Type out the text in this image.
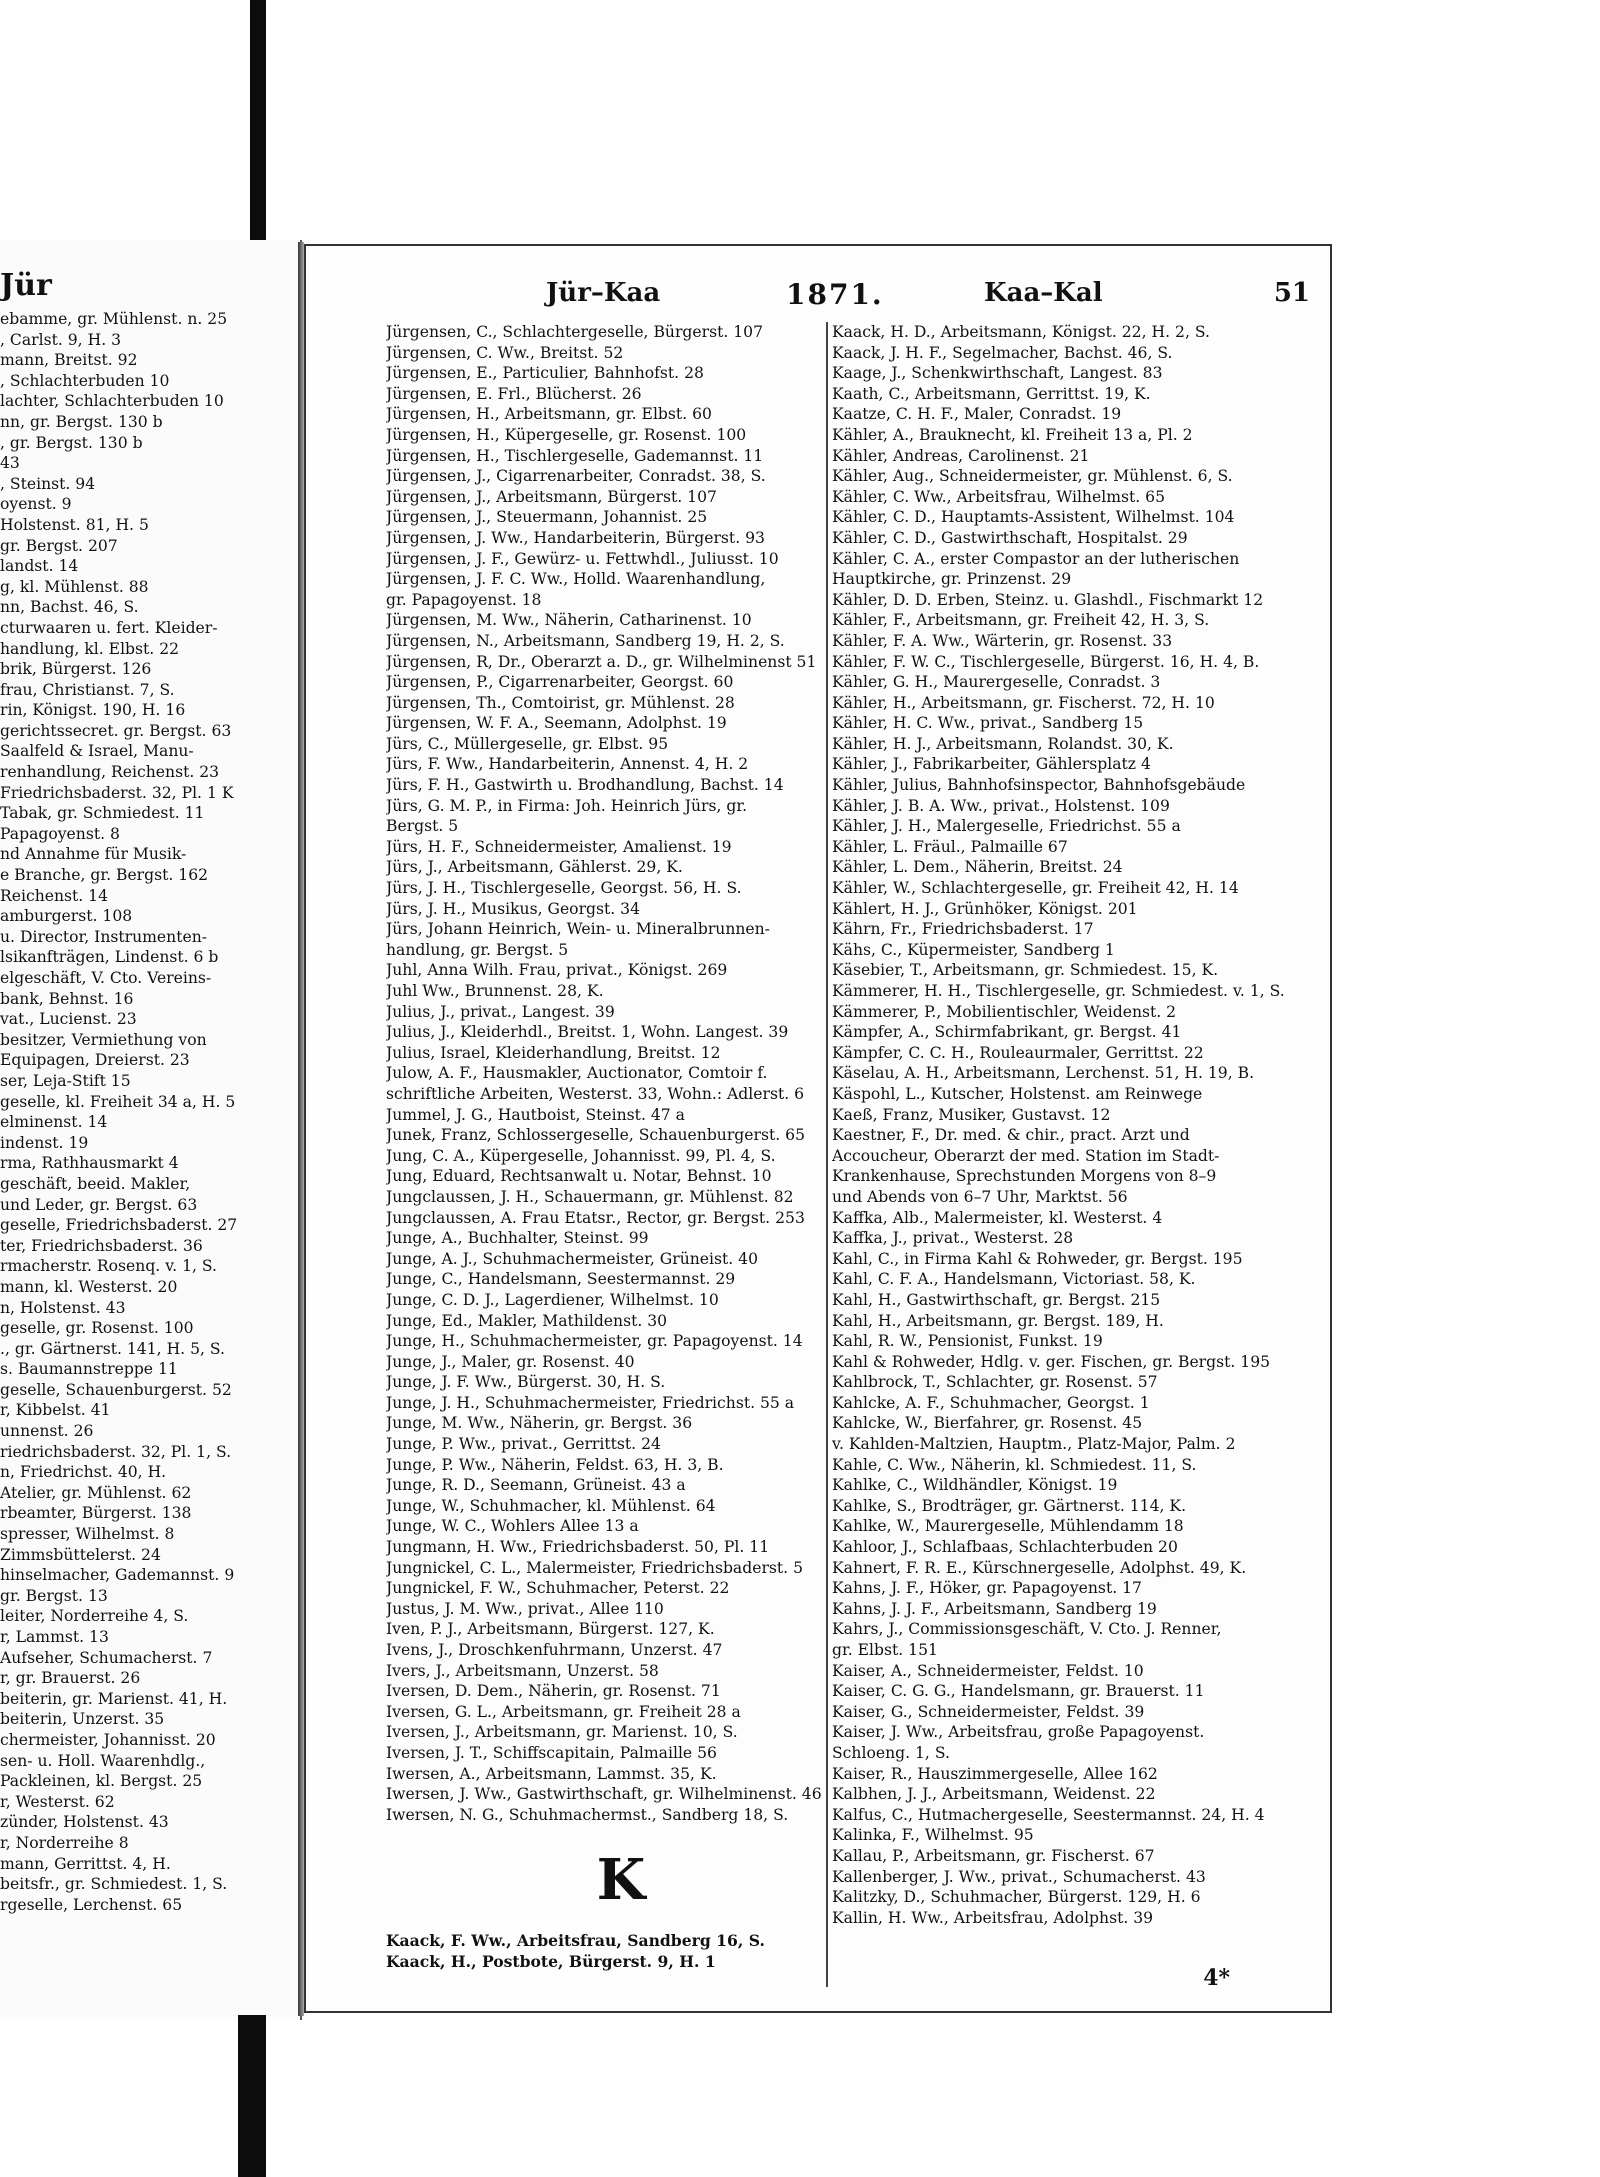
Jür
ebamme, gr. Mühlenst. n. 25
, Carlst. 9, H. 3
mann, Breitst. 92
, Schlachterbuden 10
lachter, Schlachterbuden 10
nn, gr. Bergst. 130 b
, gr. Bergst. 130 b
43
, Steinst. 94
oyenst. 9
Holstenst. 81, H. 5
gr. Bergst. 207
landst. 14
g, kl. Mühlenst. 88
nn, Bachst. 46, S.
cturwaaren u. fert. Kleider-
handlung, kl. Elbst. 22
brik, Bürgerst. 126
frau, Christianst. 7, S.
rin, Königst. 190, H. 16
gerichtssecret. gr. Bergst. 63
Saalfeld & Israel, Manu-
renhandlung, Reichenst. 23
Friedrichsbaderst. 32, Pl. 1 K
Tabak, gr. Schmiedest. 11
Papagoyenst. 8
nd Annahme für Musik-
e Branche, gr. Bergst. 162
Reichenst. 14
amburgerst. 108
u. Director, Instrumenten-
lsikanfträgen, Lindenst. 6 b
elgeschäft, V. Cto. Vereins-
bank, Behnst. 16
vat., Lucienst. 23
besitzer, Vermiethung von
Equipagen, Dreierst. 23
ser, Leja-Stift 15
gesellе, kl. Freiheit 34 a, H. 5
elminenst. 14
indenst. 19
rma, Rathhausmarkt 4
geschäft, beeid. Makler,
und Leder, gr. Bergst. 63
geselle, Friedrichsbaderst. 27
ter, Friedrichsbaderst. 36
rmacherstr. Rosenq. v. 1, S.
mann, kl. Westerst. 20
n, Holstenst. 43
geselle, gr. Rosenst. 100
., gr. Gärtnerst. 141, H. 5, S.
s. Baumannstreppe 11
gesellе, Schauenburgerst. 52
r, Kibbelst. 41
unnenst. 26
riedrichsbaderst. 32, Pl. 1, S.
n, Friedrichst. 40, H.
Atelier, gr. Mühlenst. 62
rbeamter, Bürgerst. 138
spresser, Wilhelmst. 8
Zimmsbüttelerst. 24
hinselmacher, Gademannst. 9
gr. Bergst. 13
leiter, Norderreihe 4, S.
r, Lammst. 13
Aufseher, Schumacherst. 7
r, gr. Brauerst. 26
beiterin, gr. Marienst. 41, H.
beiterin, Unzerst. 35
chermeister, Johannisst. 20
sen- u. Holl. Waarenhdlg.,
Packleinen, kl. Bergst. 25
r, Westerst. 62
zünder, Holstenst. 43
r, Norderreihe 8
mann, Gerrittst. 4, H.
beitsfr., gr. Schmiedest. 1, S.
rgesellе, Lerchenst. 65
Jür–Kaa	1871.	Kaa–Kal	51
Jürgensen, C., Schlachtergeselle, Bürgerst. 107
Jürgensen, C. Ww., Breitst. 52
Jürgensen, E., Particulier, Bahnhofst. 28
Jürgensen, E. Frl., Blücherst. 26
Jürgensen, H., Arbeitsmann, gr. Elbst. 60
Jürgensen, H., Küpergeselle, gr. Rosenst. 100
Jürgensen, H., Tischlergeselle, Gademannst. 11
Jürgensen, J., Cigarrenarbeiter, Conradst. 38, S.
Jürgensen, J., Arbeitsmann, Bürgerst. 107
Jürgensen, J., Steuermann, Johannist. 25
Jürgensen, J. Ww., Handarbeiterin, Bürgerst. 93
Jürgensen, J. F., Gewürz- u. Fettwhdl., Juliusst. 10
Jürgensen, J. F. C. Ww., Holld. Waarenhandlung,
gr. Papagoyenst. 18
Jürgensen, M. Ww., Näherin, Catharinenst. 10
Jürgensen, N., Arbeitsmann, Sandberg 19, H. 2, S.
Jürgensen, R, Dr., Oberarzt a. D., gr. Wilhelminenst 51
Jürgensen, P., Cigarrenarbeiter, Georgst. 60
Jürgensen, Th., Comtoirist, gr. Mühlenst. 28
Jürgensen, W. F. A., Seemann, Adolphst. 19
Jürs, C., Müllergeselle, gr. Elbst. 95
Jürs, F. Ww., Handarbeiterin, Annenst. 4, H. 2
Jürs, F. H., Gastwirth u. Brodhandlung, Bachst. 14
Jürs, G. M. P., in Firma: Joh. Heinrich Jürs, gr.
Bergst. 5
Jürs, H. F., Schneidermeister, Amalienst. 19
Jürs, J., Arbeitsmann, Gählerst. 29, K.
Jürs, J. H., Tischlergeselle, Georgst. 56, H. S.
Jürs, J. H., Musikus, Georgst. 34
Jürs, Johann Heinrich, Wein- u. Mineralbrunnen-
handlung, gr. Bergst. 5
Juhl, Anna Wilh. Frau, privat., Königst. 269
Juhl Ww., Brunnenst. 28, K.
Julius, J., privat., Langest. 39
Julius, J., Kleiderhdl., Breitst. 1, Wohn. Langest. 39
Julius, Israel, Kleiderhandlung, Breitst. 12
Julow, A. F., Hausmakler, Auctionator, Comtoir f.
schriftliche Arbeiten, Westerst. 33, Wohn.: Adlerst. 6
Jummel, J. G., Hautboist, Steinst. 47 a
Junek, Franz, Schlossergeselle, Schauenburgerst. 65
Jung, C. A., Küpergeselle, Johannisst. 99, Pl. 4, S.
Jung, Eduard, Rechtsanwalt u. Notar, Behnst. 10
Jungclaussen, J. H., Schauermann, gr. Mühlenst. 82
Jungclaussen, A. Frau Etatsr., Rector, gr. Bergst. 253
Junge, A., Buchhalter, Steinst. 99
Junge, A. J., Schuhmachermeister, Grüneist. 40
Junge, C., Handelsmann, Seestermannst. 29
Junge, C. D. J., Lagerdiener, Wilhelmst. 10
Junge, Ed., Makler, Mathildenst. 30
Junge, H., Schuhmachermeister, gr. Papagoyenst. 14
Junge, J., Maler, gr. Rosenst. 40
Junge, J. F. Ww., Bürgerst. 30, H. S.
Junge, J. H., Schuhmachermeister, Friedrichst. 55 a
Junge, M. Ww., Näherin, gr. Bergst. 36
Junge, P. Ww., privat., Gerrittst. 24
Junge, P. Ww., Näherin, Feldst. 63, H. 3, B.
Junge, R. D., Seemann, Grüneist. 43 a
Junge, W., Schuhmacher, kl. Mühlenst. 64
Junge, W. C., Wohlers Allee 13 a
Jungmann, H. Ww., Friedrichsbaderst. 50, Pl. 11
Jungnickel, C. L., Malermeister, Friedrichsbaderst. 5
Jungnickel, F. W., Schuhmacher, Peterst. 22
Justus, J. M. Ww., privat., Allee 110
Iven, P. J., Arbeitsmann, Bürgerst. 127, K.
Ivens, J., Droschkenfuhrmann, Unzerst. 47
Ivers, J., Arbeitsmann, Unzerst. 58
Iversen, D. Dem., Näherin, gr. Rosenst. 71
Iversen, G. L., Arbeitsmann, gr. Freiheit 28 a
Iversen, J., Arbeitsmann, gr. Marienst. 10, S.
Iversen, J. T., Schiffscapitain, Palmaille 56
Iwersen, A., Arbeitsmann, Lammst. 35, K.
Iwersen, J. Ww., Gastwirthschaft, gr. Wilhelminenst. 46
Iwersen, N. G., Schuhmachermst., Sandberg 18, S.
K
Kaack, F. Ww., Arbeitsfrau, Sandberg 16, S.
Kaack, H., Postbote, Bürgerst. 9, H. 1
Kaack, H. D., Arbeitsmann, Königst. 22, H. 2, S.
Kaack, J. H. F., Segelmacher, Bachst. 46, S.
Kaage, J., Schenkwirthschaft, Langest. 83
Kaath, C., Arbeitsmann, Gerrittst. 19, K.
Kaatze, C. H. F., Maler, Conradst. 19
Kähler, A., Brauknecht, kl. Freiheit 13 a, Pl. 2
Kähler, Andreas, Carolinenst. 21
Kähler, Aug., Schneidermeister, gr. Mühlenst. 6, S.
Kähler, C. Ww., Arbeitsfrau, Wilhelmst. 65
Kähler, C. D., Hauptamts-Assistent, Wilhelmst. 104
Kähler, C. D., Gastwirthschaft, Hospitalst. 29
Kähler, C. A., erster Compastor an der lutherischen
Hauptkirche, gr. Prinzenst. 29
Kähler, D. D. Erben, Steinz. u. Glashdl., Fischmarkt 12
Kähler, F., Arbeitsmann, gr. Freiheit 42, H. 3, S.
Kähler, F. A. Ww., Wärterin, gr. Rosenst. 33
Kähler, F. W. C., Tischlergeselle, Bürgerst. 16, H. 4, B.
Kähler, G. H., Maurergeselle, Conradst. 3
Kähler, H., Arbeitsmann, gr. Fischerst. 72, H. 10
Kähler, H. C. Ww., privat., Sandberg 15
Kähler, H. J., Arbeitsmann, Rolandst. 30, K.
Kähler, J., Fabrikarbeiter, Gählersplatz 4
Kähler, Julius, Bahnhofsinspector, Bahnhofsgebäude
Kähler, J. B. A. Ww., privat., Holstenst. 109
Kähler, J. H., Malergeselle, Friedrichst. 55 a
Kähler, L. Fräul., Palmaille 67
Kähler, L. Dem., Näherin, Breitst. 24
Kähler, W., Schlachtergeselle, gr. Freiheit 42, H. 14
Kählert, H. J., Grünhöker, Königst. 201
Kährn, Fr., Friedrichsbaderst. 17
Kähs, C., Küpermeister, Sandberg 1
Käsebier, T., Arbeitsmann, gr. Schmiedest. 15, K.
Kämmerer, H. H., Tischlergeselle, gr. Schmiedest. v. 1, S.
Kämmerer, P., Mobilientischler, Weidenst. 2
Kämpfer, A., Schirmfabrikant, gr. Bergst. 41
Kämpfer, C. C. H., Rouleaurmaler, Gerrittst. 22
Käselau, A. H., Arbeitsmann, Lerchenst. 51, H. 19, B.
Käspohl, L., Kutscher, Holstenst. am Reinwege
Kaeß, Franz, Musiker, Gustavst. 12
Kaestner, F., Dr. med. & chir., pract. Arzt und
Accoucheur, Oberarzt der med. Station im Stadt-
Krankenhause, Sprechstunden Morgens von 8–9
und Abends von 6–7 Uhr, Marktst. 56
Kaffka, Alb., Malermeister, kl. Westerst. 4
Kaffka, J., privat., Westerst. 28
Kahl, C., in Firma Kahl & Rohweder, gr. Bergst. 195
Kahl, C. F. A., Handelsmann, Victoriast. 58, K.
Kahl, H., Gastwirthschaft, gr. Bergst. 215
Kahl, H., Arbeitsmann, gr. Bergst. 189, H.
Kahl, R. W., Pensionist, Funkst. 19
Kahl & Rohweder, Hdlg. v. ger. Fischen, gr. Bergst. 195
Kahlbrock, T., Schlachter, gr. Rosenst. 57
Kahlcke, A. F., Schuhmacher, Georgst. 1
Kahlcke, W., Bierfahrer, gr. Rosenst. 45
v. Kahlden-Maltzien, Hauptm., Platz-Major, Palm. 2
Kahle, C. Ww., Näherin, kl. Schmiedest. 11, S.
Kahlke, C., Wildhändler, Königst. 19
Kahlke, S., Brodträger, gr. Gärtnerst. 114, K.
Kahlke, W., Maurergeselle, Mühlendamm 18
Kahloor, J., Schlafbaas, Schlachterbuden 20
Kahnert, F. R. E., Kürschnergeselle, Adolphst. 49, K.
Kahns, J. F., Höker, gr. Papagoyenst. 17
Kahns, J. J. F., Arbeitsmann, Sandberg 19
Kahrs, J., Commissionsgeschäft, V. Cto. J. Renner,
gr. Elbst. 151
Kaiser, A., Schneidermeister, Feldst. 10
Kaiser, C. G. G., Handelsmann, gr. Brauerst. 11
Kaiser, G., Schneidermeister, Feldst. 39
Kaiser, J. Ww., Arbeitsfrau, große Papagoyenst.
Schloeng. 1, S.
Kaiser, R., Hauszimmergeselle, Allee 162
Kalbhen, J. J., Arbeitsmann, Weidenst. 22
Kalfus, C., Hutmachergeselle, Seestermannst. 24, H. 4
Kalinka, F., Wilhelmst. 95
Kallau, P., Arbeitsmann, gr. Fischerst. 67
Kallenberger, J. Ww., privat., Schumacherst. 43
Kalitzky, D., Schuhmacher, Bürgerst. 129, H. 6
Kallin, H. Ww., Arbeitsfrau, Adolphst. 39
4*
